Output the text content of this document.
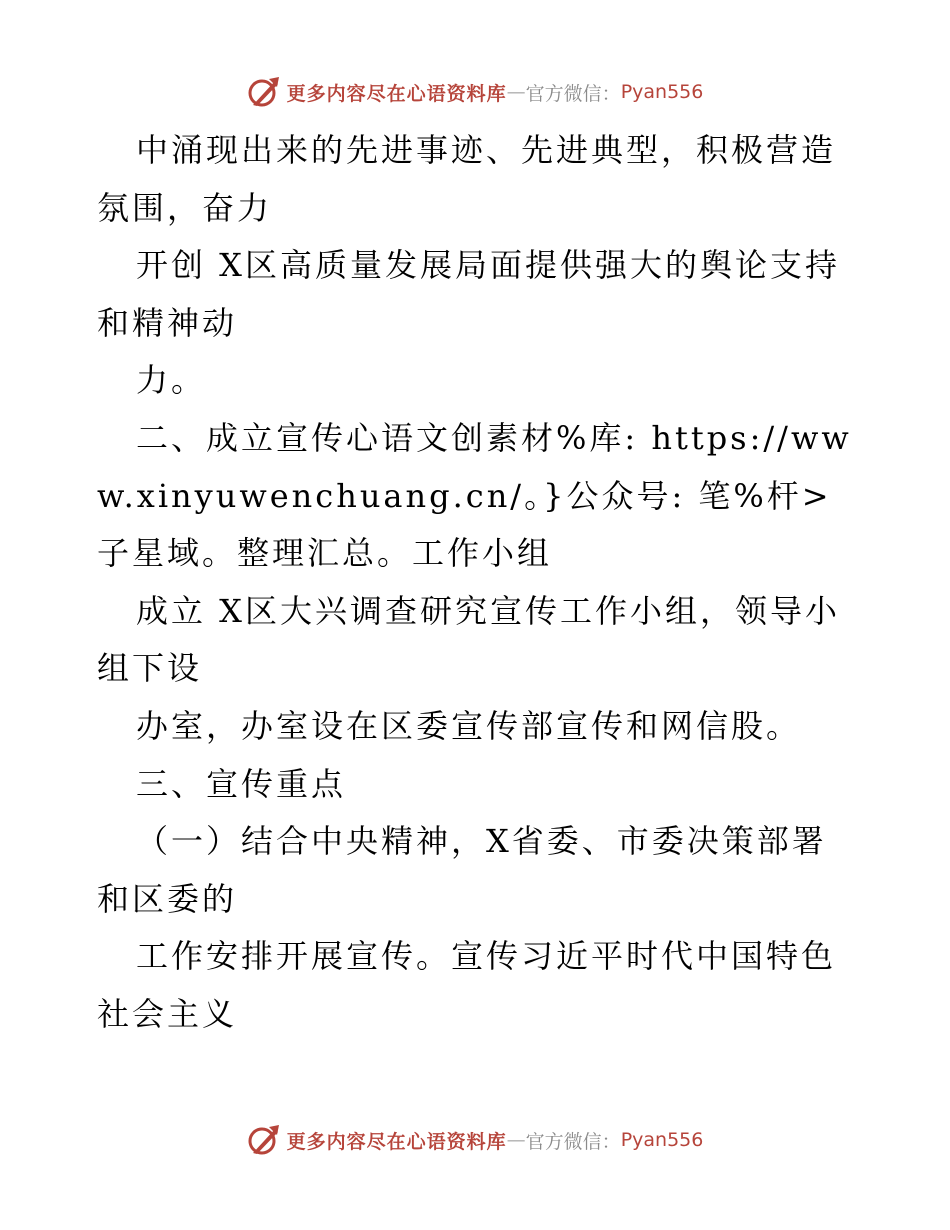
更多内容尽在心语资料库 — 官方微信： Pyan556

中涌现出来的先进事迹、先进典型，积极营造氛围，奋力

开创 X区高质量发展局面提供强大的舆论支持和精神动

力。

二、成立宣传心语文创素材%库: https://www.xinyuwenchuang.cn/。}公众号: 笔%杆>子星域。整理汇总。工作小组

成立 X区大兴调查研究宣传工作小组，领导小组下设

办室，办室设在区委宣传部宣传和网信股。

三、宣传重点

（一）结合中央精神，X省委、市委决策部署和区委的

工作安排开展宣传。宣传习近平时代中国特色社会主义

更多内容尽在心语资料库 — 官方微信： Pyan556
